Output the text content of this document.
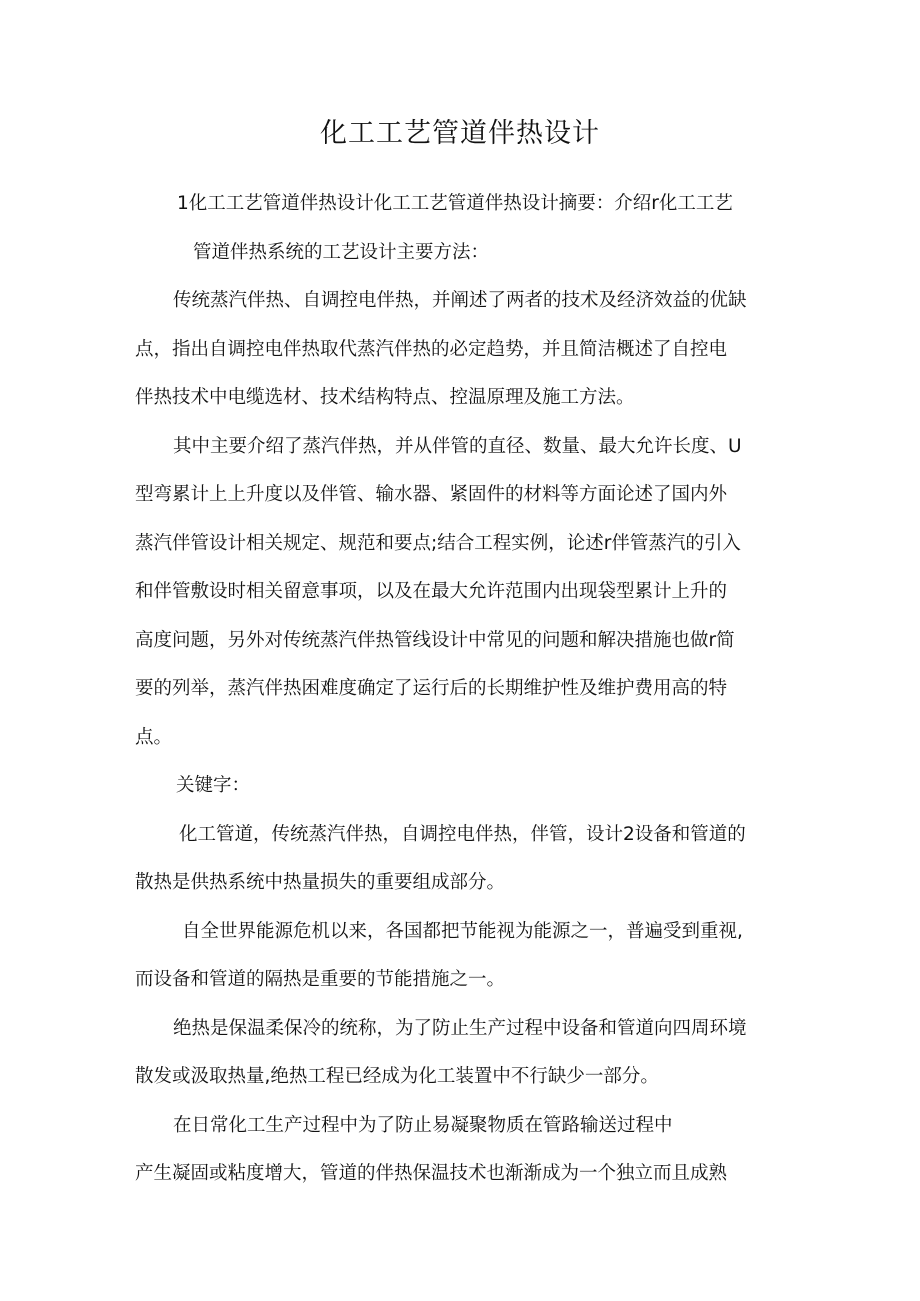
化工工艺管道伴热设计
1化工工艺管道伴热设计化工工艺管道伴热设计摘要：介绍r化工工艺
管道伴热系统的工艺设计主要方法：
传统蒸汽伴热、自调控电伴热，并阐述了两者的技术及经济效益的优缺
点，指出自调控电伴热取代蒸汽伴热的必定趋势，并且简洁概述了自控电
伴热技术中电缆选材、技术结构特点、控温原理及施工方法。
其中主要介绍了蒸汽伴热，并从伴管的直径、数量、最大允许长度、U
型弯累计上上升度以及伴管、输水器、紧固件的材料等方面论述了国内外
蒸汽伴管设计相关规定、规范和要点;结合工程实例，论述r伴管蒸汽的引入
和伴管敷设时相关留意事项，以及在最大允许范围内出现袋型累计上升的
高度问题，另外对传统蒸汽伴热管线设计中常见的问题和解决措施也做r简
要的列举，蒸汽伴热困难度确定了运行后的长期维护性及维护费用高的特
点。
关键字：
化工管道，传统蒸汽伴热，自调控电伴热，伴管，设计2设备和管道的
散热是供热系统中热量损失的重要组成部分。
自全世界能源危机以来，各国都把节能视为能源之一，普遍受到重视,
而设备和管道的隔热是重要的节能措施之一。
绝热是保温柔保冷的统称，为了防止生产过程中设备和管道向四周环境
散发或汲取热量,绝热工程已经成为化工装置中不行缺少一部分。
在日常化工生产过程中为了防止易凝聚物质在管路输送过程中
产生凝固或粘度增大，管道的伴热保温技术也渐渐成为一个独立而且成熟
